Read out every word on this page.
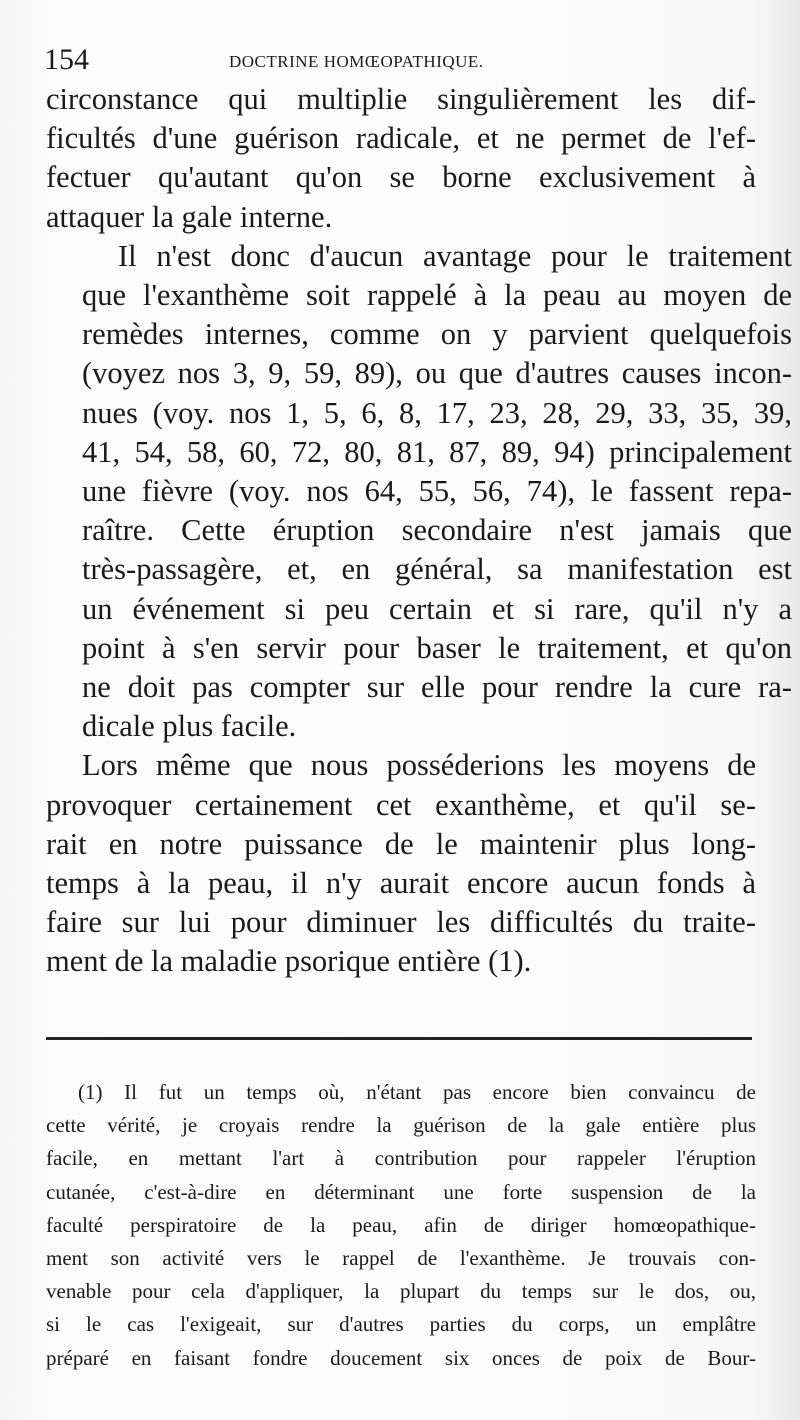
154	DOCTRINE HOMŒOPATHIQUE.

circonstance qui multiplie singulièrement les dif-
ficultés d'une guérison radicale, et ne permet de l'ef-
fectuer qu'autant qu'on se borne exclusivement à
attaquer la gale interne.

Il n'est donc d'aucun avantage pour le traitement
que l'exanthème soit rappelé à la peau au moyen de
remèdes internes, comme on y parvient quelquefois
(voyez nos 3, 9, 59, 89), ou que d'autres causes incon-
nues (voy. nos 1, 5, 6, 8, 17, 23, 28, 29, 33, 35, 39,
41, 54, 58, 60, 72, 80, 81, 87, 89, 94) principalement
une fièvre (voy. nos 64, 55, 56, 74), le fassent repa-
raître. Cette éruption secondaire n'est jamais que
très-passagère, et, en général, sa manifestation est
un événement si peu certain et si rare, qu'il n'y a
point à s'en servir pour baser le traitement, et qu'on
ne doit pas compter sur elle pour rendre la cure ra-
dicale plus facile.

Lors même que nous posséderions les moyens de
provoquer certainement cet exanthème, et qu'il se-
rait en notre puissance de le maintenir plus long-
temps à la peau, il n'y aurait encore aucun fonds à
faire sur lui pour diminuer les difficultés du traite-
ment de la maladie psorique entière (1).

(1) Il fut un temps où, n'étant pas encore bien convaincu de
cette vérité, je croyais rendre la guérison de la gale entière plus
facile, en mettant l'art à contribution pour rappeler l'éruption
cutanée, c'est-à-dire en déterminant une forte suspension de la
faculté perspiratoire de la peau, afin de diriger homœopathique-
ment son activité vers le rappel de l'exanthème. Je trouvais con-
venable pour cela d'appliquer, la plupart du temps sur le dos, ou,
si le cas l'exigeait, sur d'autres parties du corps, un emplâtre
préparé en faisant fondre doucement six onces de poix de Bour-
